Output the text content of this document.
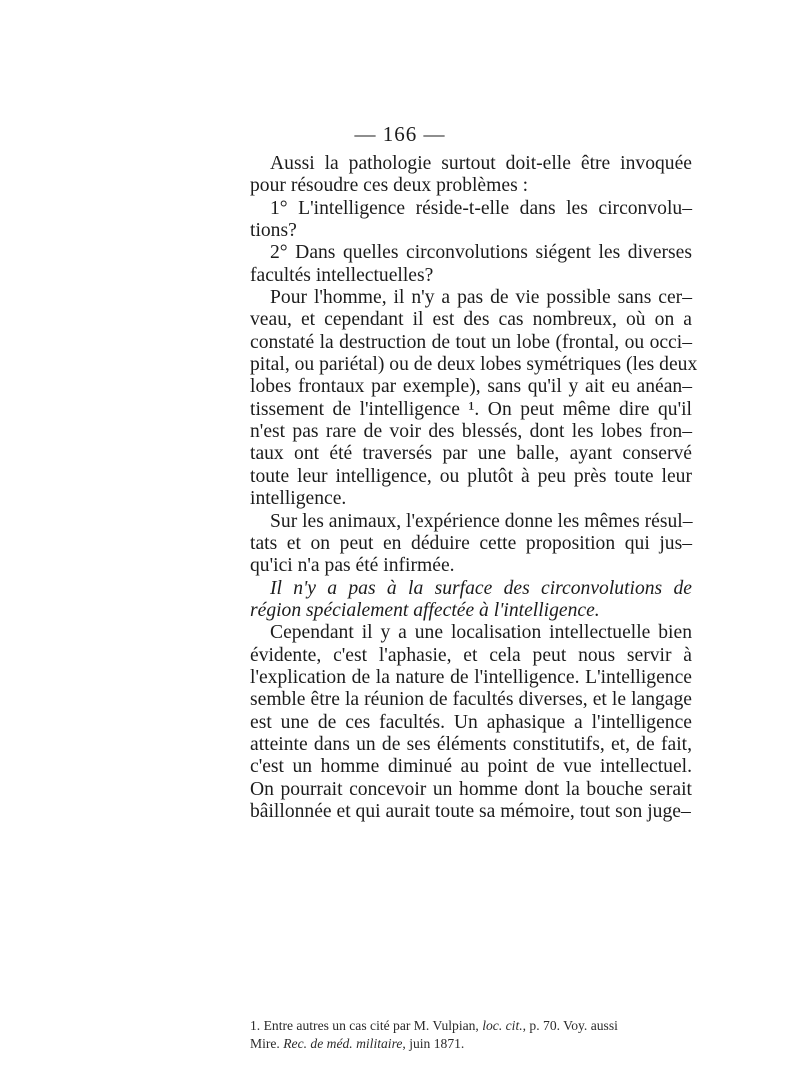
— 166 —
Aussi la pathologie surtout doit-elle être invoquée
pour résoudre ces deux problèmes :
1° L'intelligence réside-t-elle dans les circonvolu–
tions?
2° Dans quelles circonvolutions siégent les diverses
facultés intellectuelles?
Pour l'homme, il n'y a pas de vie possible sans cer–
veau, et cependant il est des cas nombreux, où on a
constaté la destruction de tout un lobe (frontal, ou occi–
pital, ou pariétal) ou de deux lobes symétriques (les deux
lobes frontaux par exemple), sans qu'il y ait eu anéan–
tissement de l'intelligence ¹. On peut même dire qu'il
n'est pas rare de voir des blessés, dont les lobes fron–
taux ont été traversés par une balle, ayant conservé
toute leur intelligence, ou plutôt à peu près toute leur
intelligence.
Sur les animaux, l'expérience donne les mêmes résul–
tats et on peut en déduire cette proposition qui jus–
qu'ici n'a pas été infirmée.
Il n'y a pas à la surface des circonvolutions de
région spécialement affectée à l'intelligence.
Cependant il y a une localisation intellectuelle bien
évidente, c'est l'aphasie, et cela peut nous servir à
l'explication de la nature de l'intelligence. L'intelligence
semble être la réunion de facultés diverses, et le langage
est une de ces facultés. Un aphasique a l'intelligence
atteinte dans un de ses éléments constitutifs, et, de fait,
c'est un homme diminué au point de vue intellectuel.
On pourrait concevoir un homme dont la bouche serait
bâillonnée et qui aurait toute sa mémoire, tout son juge–
1. Entre autres un cas cité par M. Vulpian, loc. cit., p. 70. Voy. aussi
Mire. Rec. de méd. militaire, juin 1871.
